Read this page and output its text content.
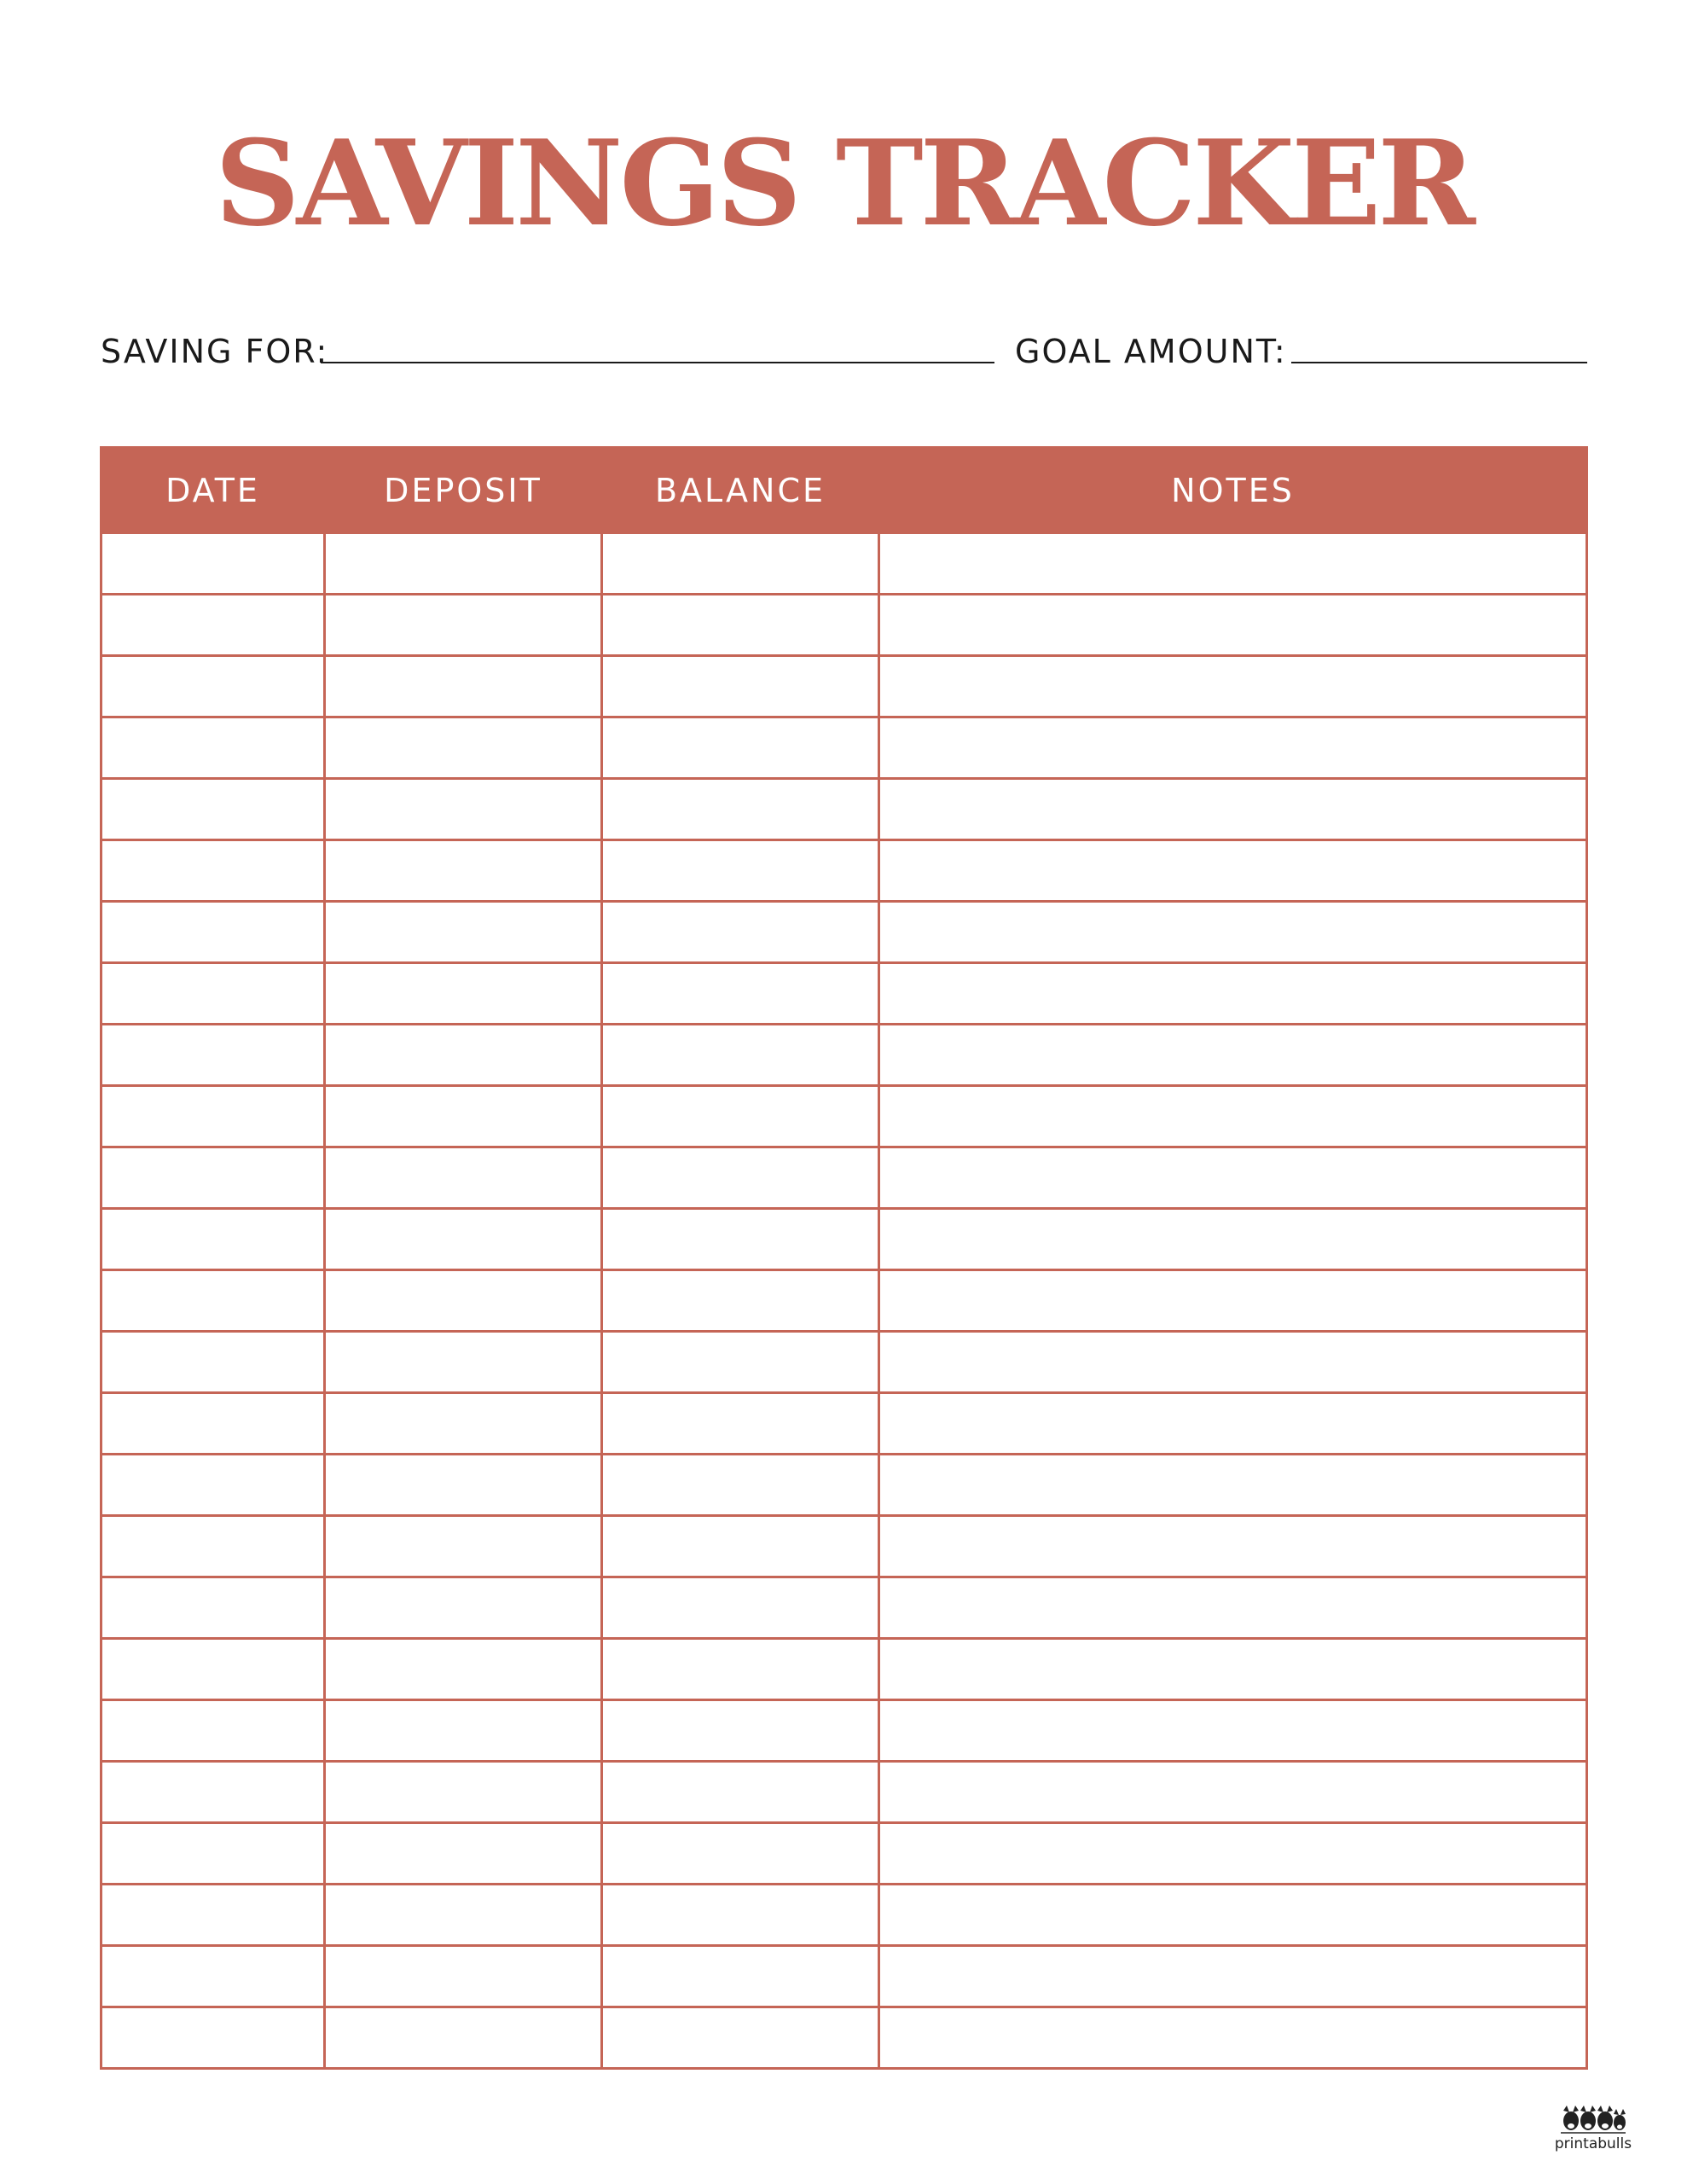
SAVINGS TRACKER
SAVING FOR:	GOAL AMOUNT:
DATE	DEPOSIT	BALANCE	NOTES

printabulls
